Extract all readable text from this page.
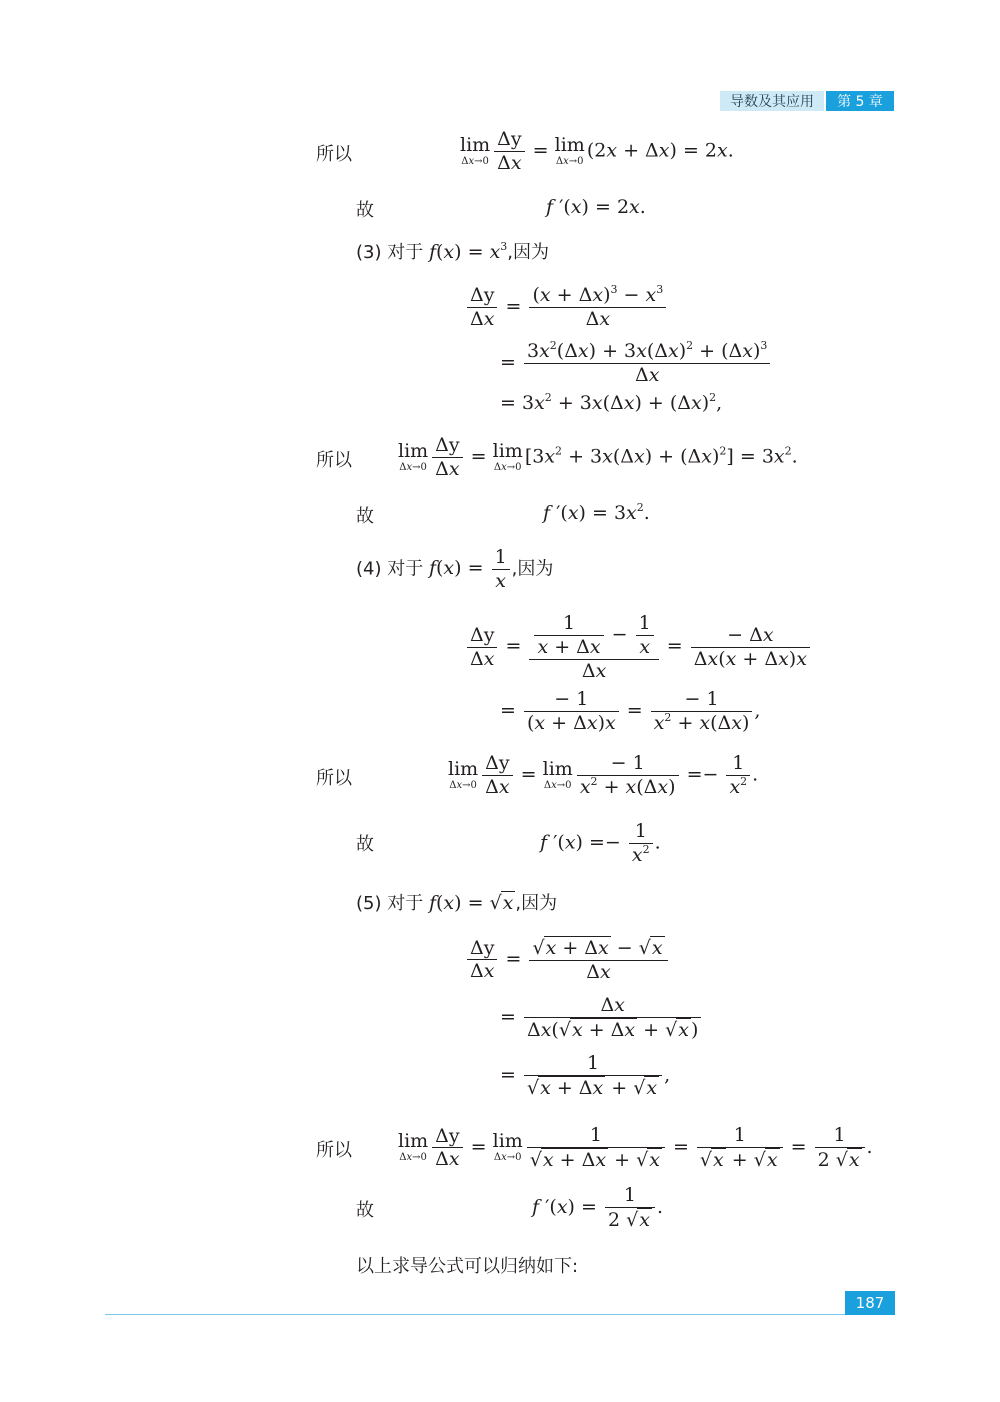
导数及其应用	第 5 章
所以	lim
$\Delta x\to 0 \frac{\Delta y}{\Delta x} = \lim$
Δx→0 (2x + Δx) = 2x.
故	f ′(x) = 2x.
(3) 对于 $f(x) = x^3$,因为
$\frac{\Delta y}{\Delta x} = \frac{(x + \Delta x)^3 - x^3}{\Delta x}$
= $\frac{3x^2(\Delta x) + 3x(\Delta x)^2 + (\Delta x)^3}{\Delta x}$
= $3x^2 + 3x(\Delta x) + (\Delta x)^2$,
所以 lim
$\Delta x\to 0 \frac{\Delta y}{\Delta x} = \lim$
Δx→0 $[3x^2 + 3x(\Delta x) + (\Delta x)^2] = 3x^2$.
故	f $'(x) = 3x^2$.
(4) 对于 $f(x) = \frac{1}{x}$ ,因为
$\frac{\Delta y}{\Delta x} = \frac{\frac{1}{x + \Delta x} - \frac{1}{x}}{\Delta x} = \frac{- \Delta x}{\Delta x(x + \Delta x)x}$
= $\frac{- 1}{(x + \Delta x)x} = \frac{- 1}{x^2 + x(\Delta x)}$ ,
所以	lim
$\Delta x\to 0 \frac{\Delta y}{\Delta x} = \lim$
$\Delta x\to 0 \frac{- 1}{x^2 + x(\Delta x)} =- \frac{1}{x^2}$ .
故	f $'(x) =- \frac{1}{x^2}$ .
(5) 对于 f(x) = √x ,因为
$\frac{\Delta y}{\Delta x} = \frac{√x + \Delta x - √x}{\Delta x}$
= $\frac{\Delta x}{\Delta x(√x + \Delta x + √x )}$
= $\frac{1}{√x + \Delta x + √x}$ ,
所以 lim
$\Delta x\to 0 \frac{\Delta y}{\Delta x} = \lim$
$\Delta x\to 0 \frac{1}{√x + \Delta x + √x} = \frac{1}{√x + √x} = \frac{1}{2 √x}$ .
故	f $'(x) = \frac{1}{2 √x}$ .
以上求导公式可以归纳如下:
187
